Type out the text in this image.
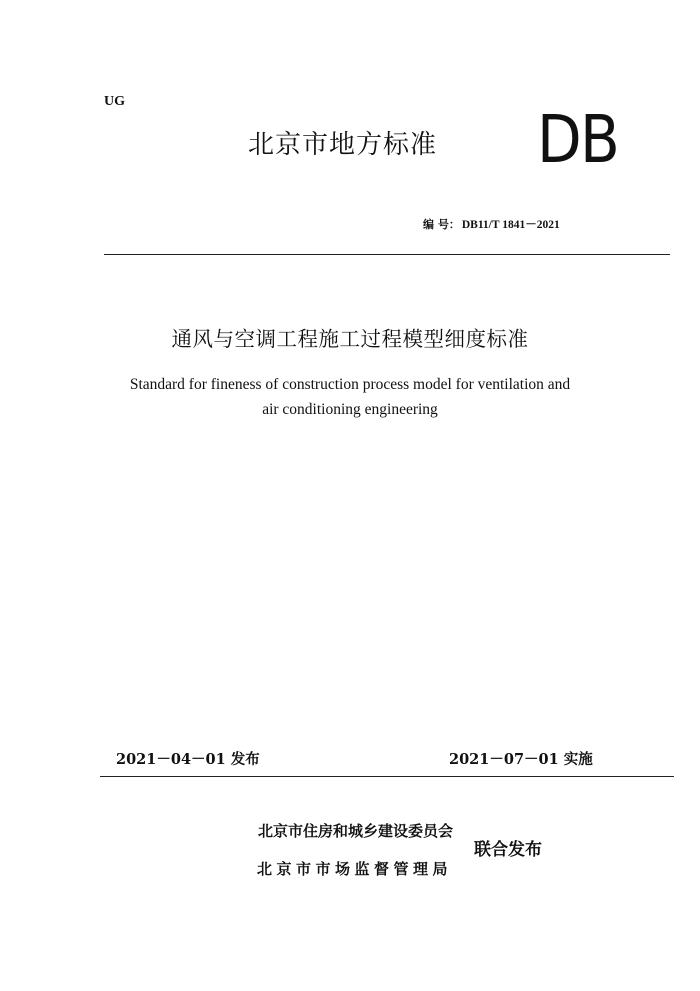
UG
北京市地方标准 DB
编 号： DB11/T 1841－2021
通风与空调工程施工过程模型细度标准
Standard for fineness of construction process model for ventilation and
air conditioning engineering
2021－04－01 发布	2021－07－01 实施
北京市住房和城乡建设委员会
北京市市场监督管理局
联合发布
